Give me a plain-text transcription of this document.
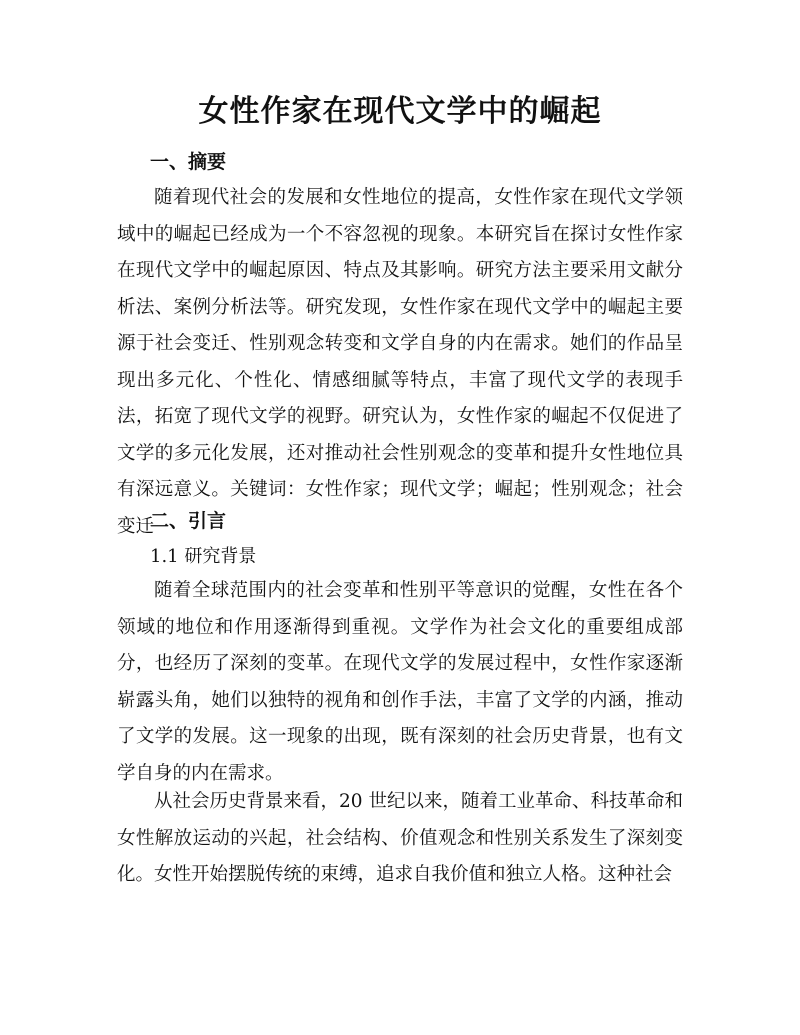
女性作家在现代文学中的崛起
一、摘要

随着现代社会的发展和女性地位的提高，女性作家在现代文学领域中的崛起已经成为一个不容忽视的现象。本研究旨在探讨女性作家在现代文学中的崛起原因、特点及其影响。研究方法主要采用文献分析法、案例分析法等。研究发现，女性作家在现代文学中的崛起主要源于社会变迁、性别观念转变和文学自身的内在需求。她们的作品呈现出多元化、个性化、情感细腻等特点，丰富了现代文学的表现手法，拓宽了现代文学的视野。研究认为，女性作家的崛起不仅促进了文学的多元化发展，还对推动社会性别观念的变革和提升女性地位具有深远意义。关键词：女性作家；现代文学；崛起；性别观念；社会变迁

二、引言
1.1 研究背景

随着全球范围内的社会变革和性别平等意识的觉醒，女性在各个领域的地位和作用逐渐得到重视。文学作为社会文化的重要组成部分，也经历了深刻的变革。在现代文学的发展过程中，女性作家逐渐崭露头角，她们以独特的视角和创作手法，丰富了文学的内涵，推动了文学的发展。这一现象的出现，既有深刻的社会历史背景，也有文学自身的内在需求。

从社会历史背景来看，20 世纪以来，随着工业革命、科技革命和女性解放运动的兴起，社会结构、价值观念和性别关系发生了深刻变化。女性开始摆脱传统的束缚，追求自我价值和独立人格。这种社会
